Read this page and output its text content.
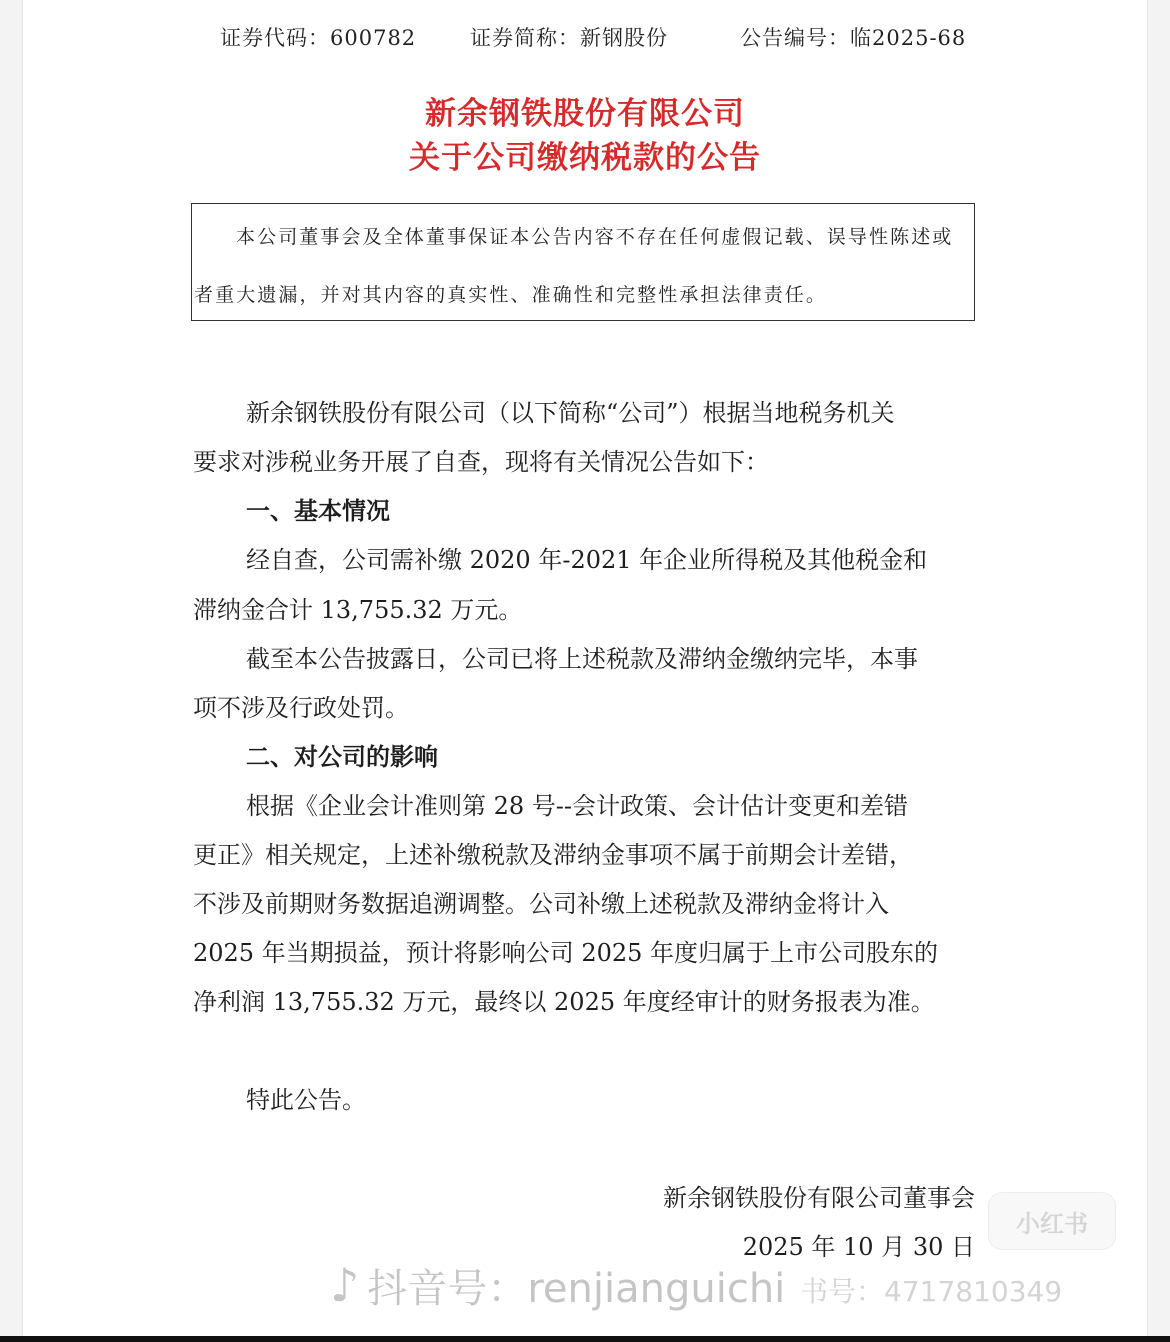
证券代码：600782	证券简称：新钢股份	公告编号：临2025-68
新余钢铁股份有限公司
关于公司缴纳税款的公告
本公司董事会及全体董事保证本公告内容不存在任何虚假记载、误导性陈述或
者重大遗漏，并对其内容的真实性、准确性和完整性承担法律责任。
新余钢铁股份有限公司（以下简称“公司”）根据当地税务机关
要求对涉税业务开展了自查，现将有关情况公告如下：
一、基本情况
经自查，公司需补缴 2020 年-2021 年企业所得税及其他税金和
滞纳金合计 13,755.32 万元。
截至本公告披露日，公司已将上述税款及滞纳金缴纳完毕，本事
项不涉及行政处罚。
二、对公司的影响
根据《企业会计准则第 28 号--会计政策、会计估计变更和差错
更正》相关规定，上述补缴税款及滞纳金事项不属于前期会计差错，
不涉及前期财务数据追溯调整。公司补缴上述税款及滞纳金将计入
2025 年当期损益，预计将影响公司 2025 年度归属于上市公司股东的
净利润 13,755.32 万元，最终以 2025 年度经审计的财务报表为准。
特此公告。
新余钢铁股份有限公司董事会
2025 年 10 月 30 日
小红书
书号：4717810349
♪ 抖音号：renjianguichi
